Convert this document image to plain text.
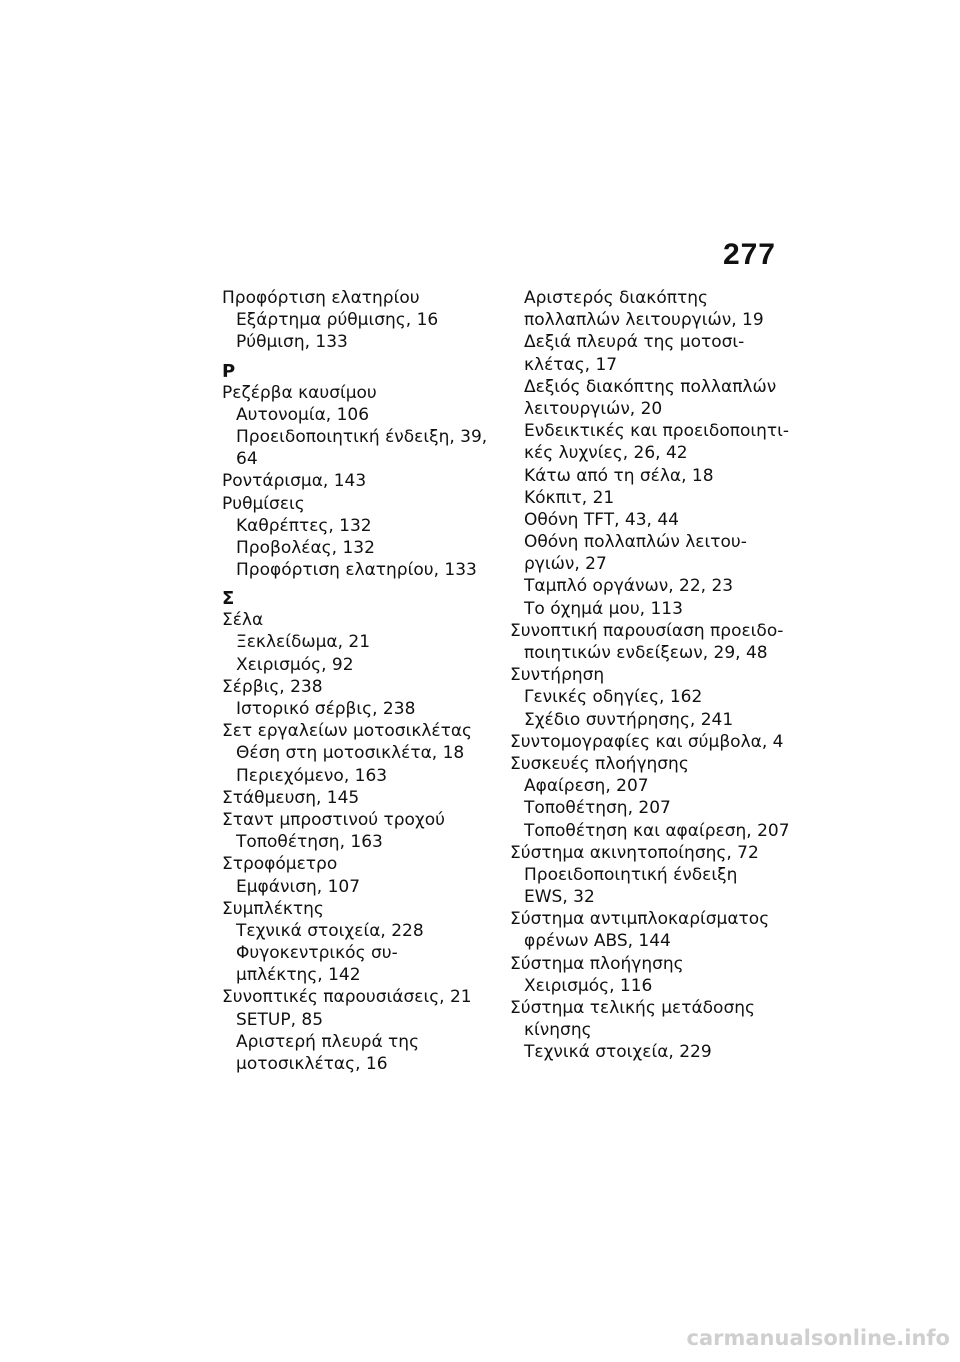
277
Προφόρτιση ελατηρίου
Εξάρτημα ρύθμισης, 16
Ρύθμιση, 133
Ρ
Ρεζέρβα καυσίμου
Αυτονομία, 106
Προειδοποιητική ένδειξη, 39,
64
Ροντάρισμα, 143
Ρυθμίσεις
Καθρέπτες, 132
Προβολέας, 132
Προφόρτιση ελατηρίου, 133
Σ
Σέλα
Ξεκλείδωμα, 21
Χειρισμός, 92
Σέρβις, 238
Ιστορικό σέρβις, 238
Σετ εργαλείων μοτοσικλέτας
Θέση στη μοτοσικλέτα, 18
Περιεχόμενο, 163
Στάθμευση, 145
Σταντ μπροστινού τροχού
Τοποθέτηση, 163
Στροφόμετρο
Εμφάνιση, 107
Συμπλέκτης
Τεχνικά στοιχεία, 228
Φυγοκεντρικός συ-
μπλέκτης, 142
Συνοπτικές παρουσιάσεις, 21
SETUP, 85
Αριστερή πλευρά της
μοτοσικλέτας, 16
Αριστερός διακόπτης
πολλαπλών λειτουργιών, 19
Δεξιά πλευρά της μοτοσι-
κλέτας, 17
Δεξιός διακόπτης πολλαπλών
λειτουργιών, 20
Ενδεικτικές και προειδοποιητι-
κές λυχνίες, 26, 42
Κάτω από τη σέλα, 18
Κόκπιτ, 21
Οθόνη TFT, 43, 44
Οθόνη πολλαπλών λειτου-
ργιών, 27
Ταμπλό οργάνων, 22, 23
Το όχημά μου, 113
Συνοπτική παρουσίαση προειδο-
ποιητικών ενδείξεων, 29, 48
Συντήρηση
Γενικές οδηγίες, 162
Σχέδιο συντήρησης, 241
Συντομογραφίες και σύμβολα, 4
Συσκευές πλοήγησης
Αφαίρεση, 207
Τοποθέτηση, 207
Τοποθέτηση και αφαίρεση, 207
Σύστημα ακινητοποίησης, 72
Προειδοποιητική ένδειξη
EWS, 32
Σύστημα αντιμπλοκαρίσματος
φρένων ABS, 144
Σύστημα πλοήγησης
Χειρισμός, 116
Σύστημα τελικής μετάδοσης
κίνησης
Τεχνικά στοιχεία, 229
carmanualsonline.info
